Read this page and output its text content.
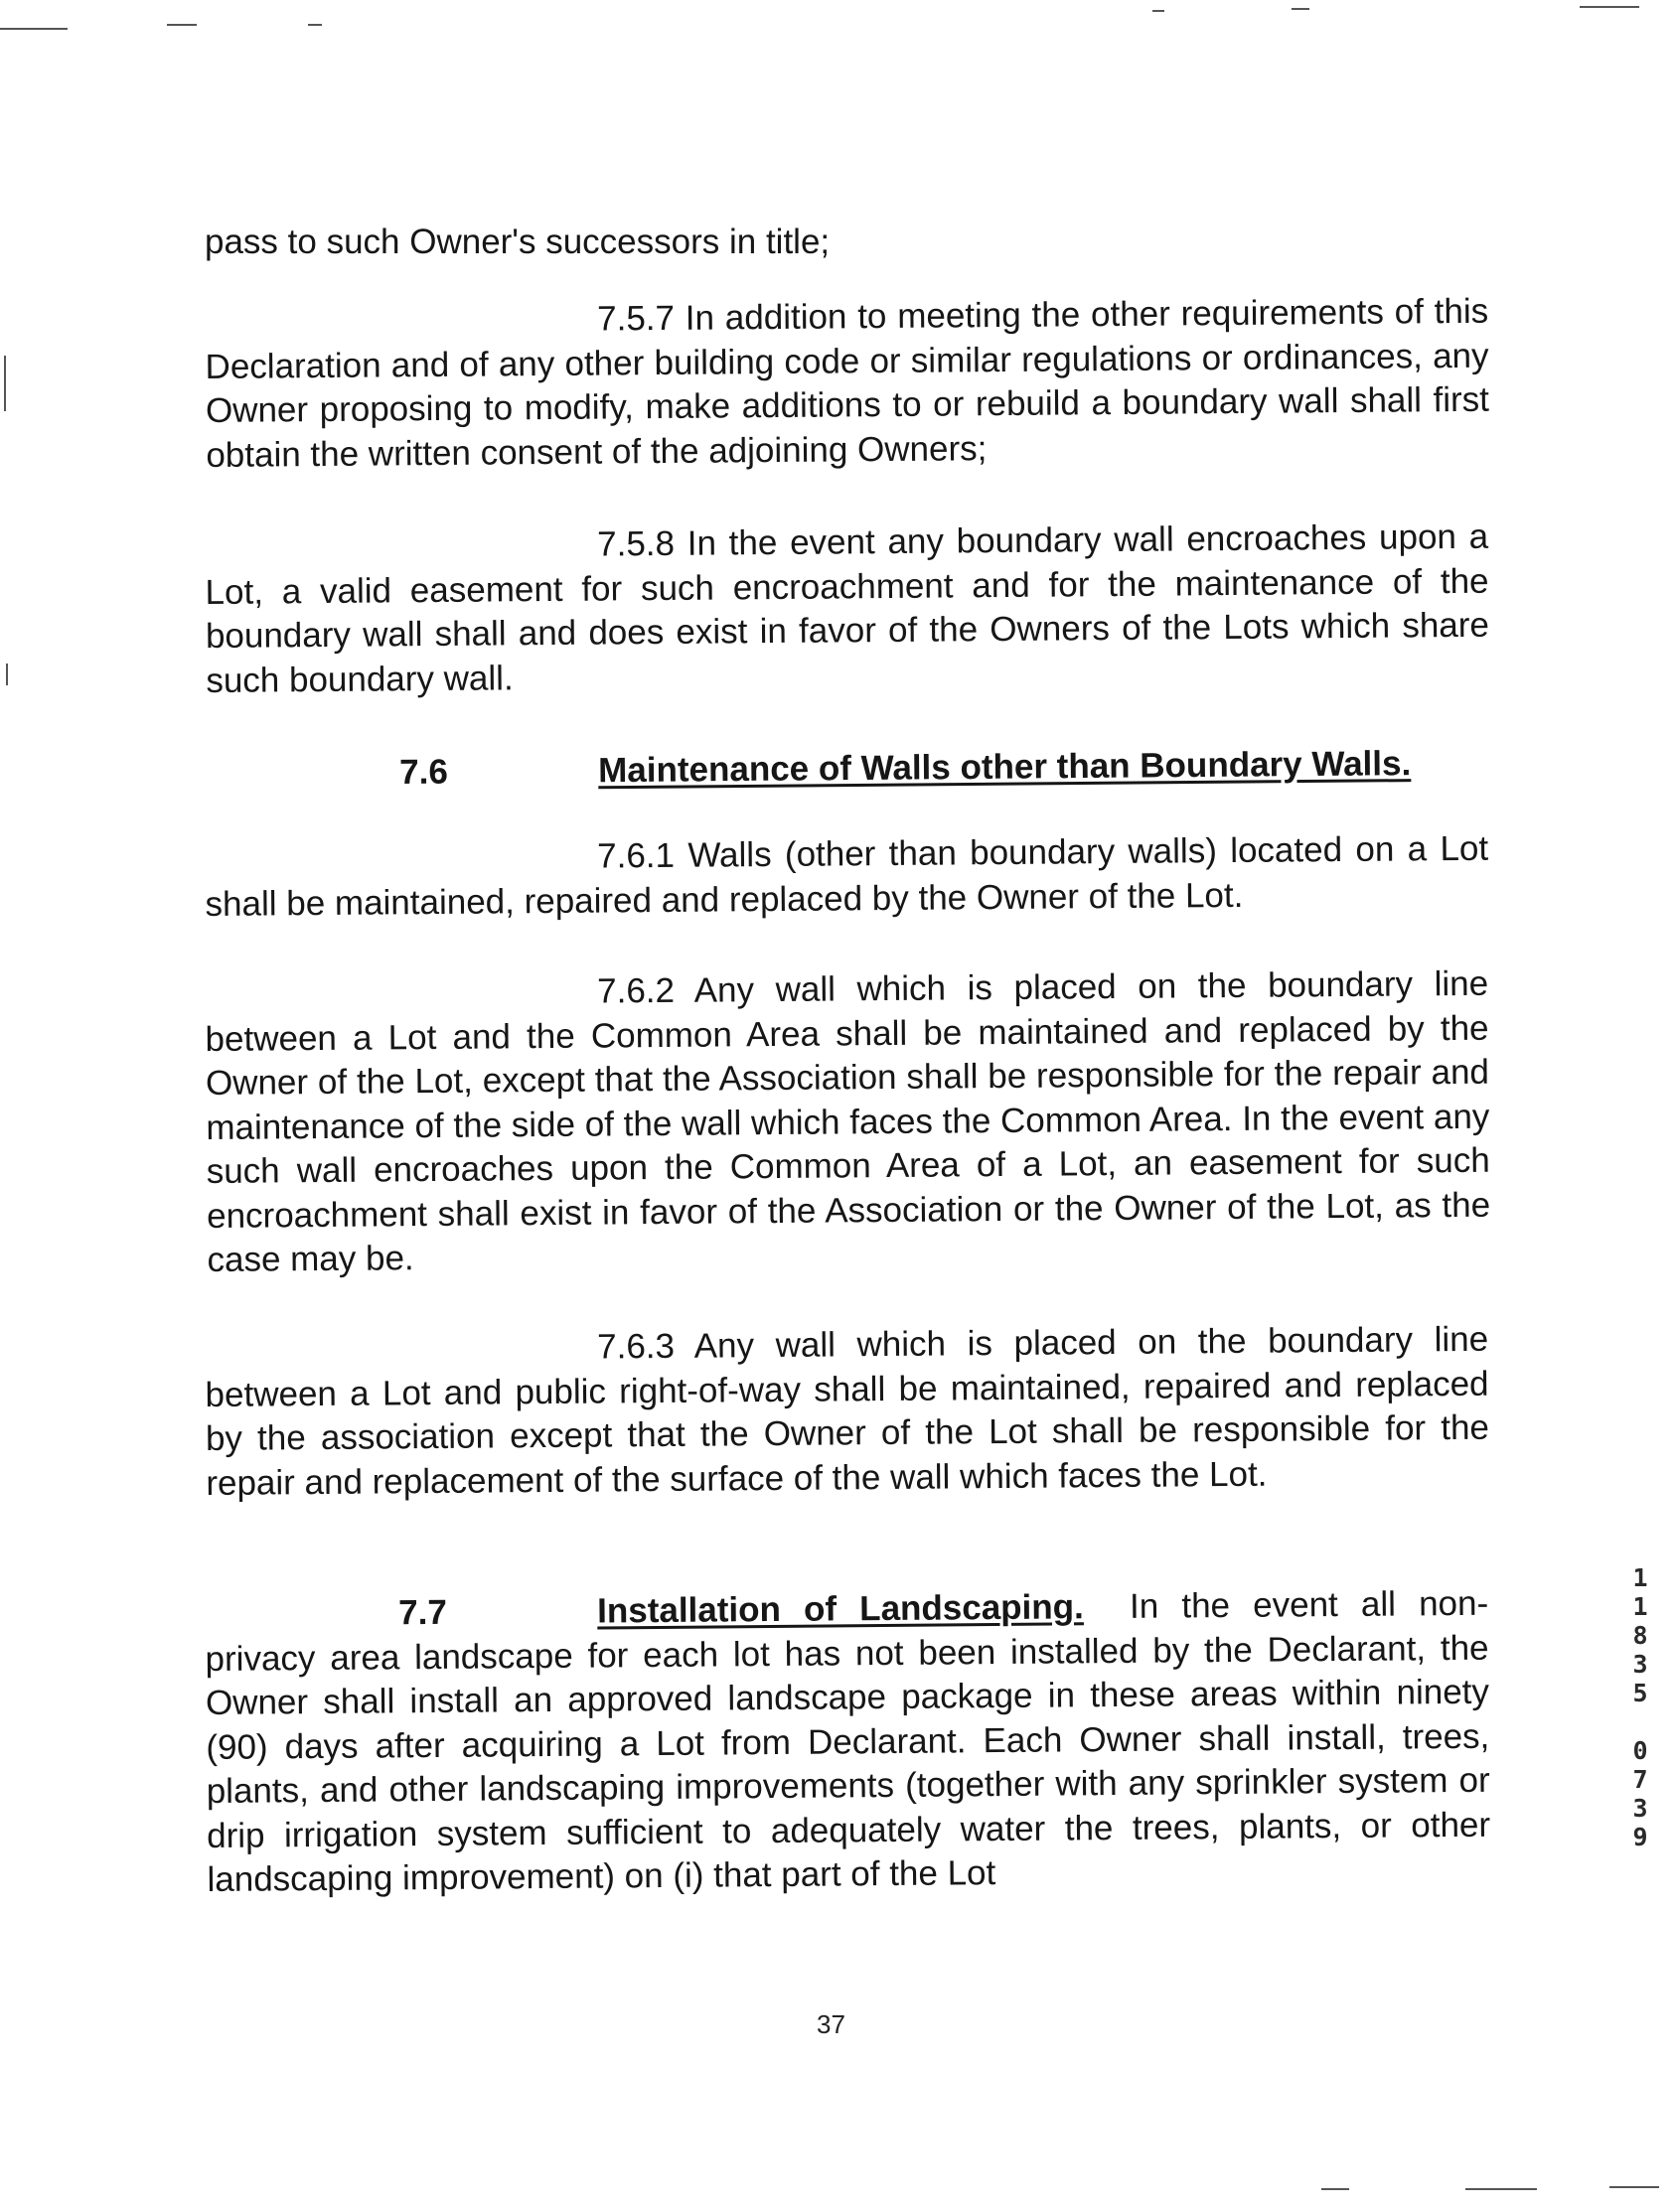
pass to such Owner's successors in title;

7.5.7 In addition to meeting the other requirements of this Declaration and of any other building code or similar regulations or ordinances, any Owner proposing to modify, make additions to or rebuild a boundary wall shall first obtain the written consent of the adjoining Owners;

7.5.8 In the event any boundary wall encroaches upon a Lot, a valid easement for such encroachment and for the maintenance of the boundary wall shall and does exist in favor of the Owners of the Lots which share such boundary wall.

7.6	Maintenance of Walls other than Boundary Walls.

7.6.1 Walls (other than boundary walls) located on a Lot shall be maintained, repaired and replaced by the Owner of the Lot.

7.6.2 Any wall which is placed on the boundary line between a Lot and the Common Area shall be maintained and replaced by the Owner of the Lot, except that the Association shall be responsible for the repair and maintenance of the side of the wall which faces the Common Area. In the event any such wall encroaches upon the Common Area of a Lot, an easement for such encroachment shall exist in favor of the Association or the Owner of the Lot, as the case may be.

7.6.3 Any wall which is placed on the boundary line between a Lot and public right-of-way shall be maintained, repaired and replaced by the association except that the Owner of the Lot shall be responsible for the repair and replacement of the surface of the wall which faces the Lot.

7.7	Installation of Landscaping. In the event all non-privacy area landscape for each lot has not been installed by the Declarant, the Owner shall install an approved landscape package in these areas within ninety (90) days after acquiring a Lot from Declarant. Each Owner shall install, trees, plants, and other landscaping improvements (together with any sprinkler system or drip irrigation system sufficient to adequately water the trees, plants, or other landscaping improvement) on (i) that part of the Lot

37
1
1
8
3
5
0
7
3
9
